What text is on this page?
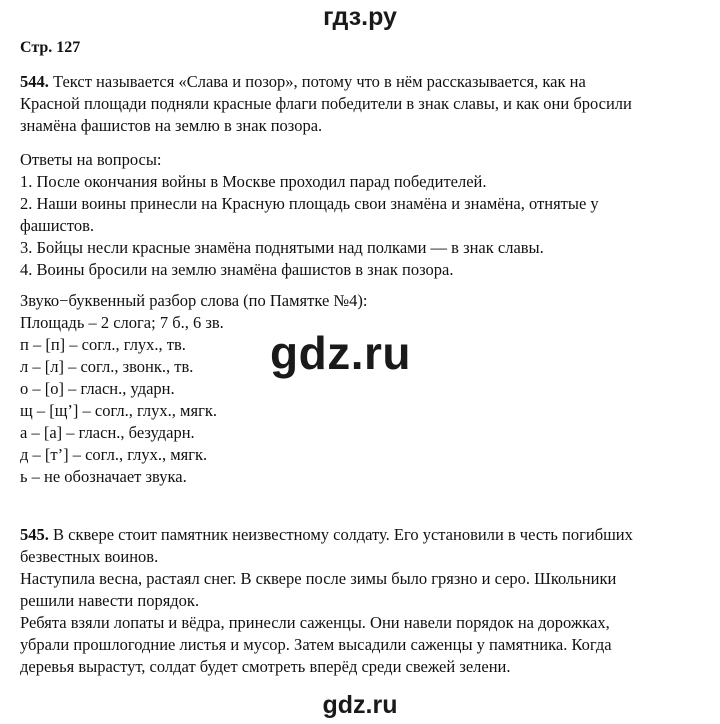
гдз.ру
Стр. 127

544. Текст называется «Слава и позор», потому что в нём рассказывается, как на

Красной площади подняли красные флаги победители в знак славы, и как они бросили

знамёна фашистов на землю в знак позора.

Ответы на вопросы:

1. После окончания войны в Москве проходил парад победителей.

2. Наши воины принесли на Красную площадь свои знамёна и знамёна, отнятые у

фашистов.

3. Бойцы несли красные знамёна поднятыми над полками — в знак славы.

4. Воины бросили на землю знамёна фашистов в знак позора.

Звуко−буквенный разбор слова (по Памятке №4):

Площадь – 2 слога; 7 б., 6 зв.

п – [п] – согл., глух., тв.

л – [л] – согл., звонк., тв.

о – [о] – гласн., ударн.

щ – [щ’] – согл., глух., мягк.

а – [а] – гласн., безударн.

д – [т’] – согл., глух., мягк.

ь – не обозначает звука.

545. В сквере стоит памятник неизвестному солдату. Его установили в честь погибших

безвестных воинов.

Наступила весна, растаял снег. В сквере после зимы было грязно и серо. Школьники

решили навести порядок.

Ребята взяли лопаты и вёдра, принесли саженцы. Они навели порядок на дорожках,

убрали прошлогодние листья и мусор. Затем высадили саженцы у памятника. Когда

деревья вырастут, солдат будет смотреть вперёд среди свежей зелени.

gdz.ru
gdz.ru
